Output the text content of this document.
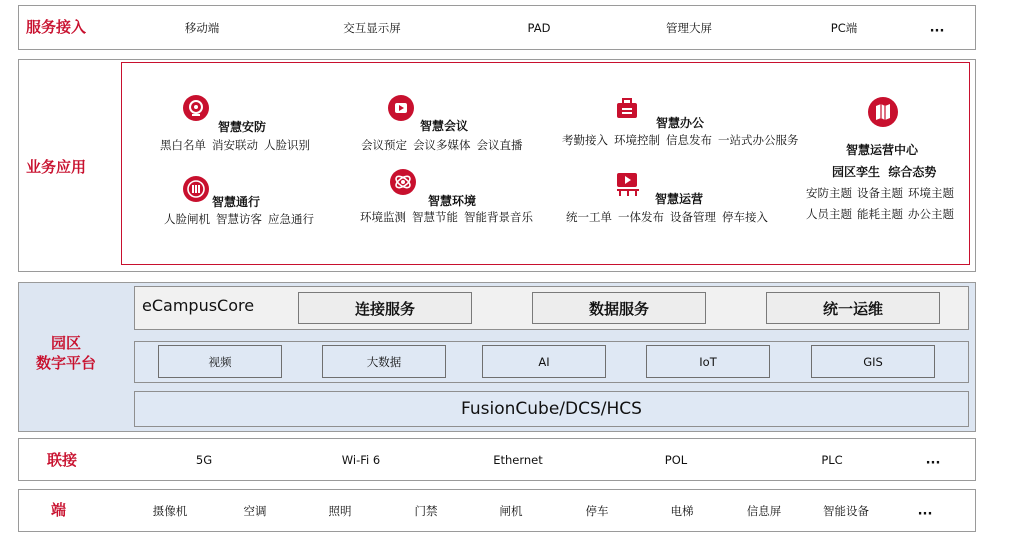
移动端	交互显示屏	PAD	管理大屏	PC端	...
服务接入
业务应用
智慧安防
黑白名单 消安联动 人脸识别
智慧会议
会议预定 会议多媒体 会议直播
智慧办公
考勤接入 环境控制 信息发布 一站式办公服务
智慧通行
人脸闸机 智慧访客 应急通行
智慧环境
环境监测 智慧节能 智能背景音乐
智慧运营
统一工单 一体发布 设备管理 停车接入
智慧运营中心
园区孪生 综合态势
安防主题 设备主题 环境主题
人员主题 能耗主题 办公主题
园区
数字平台
eCampusCore	连接服务	数据服务	统一运维
视频	大数据	AI	IoT	GIS
FusionCube/DCS/HCS
5G	Wi-Fi 6	Ethernet	POL	PLC	...
联接
摄像机	空调	照明	门禁	闸机	停车	电梯	信息屏	智能设备	...
端
